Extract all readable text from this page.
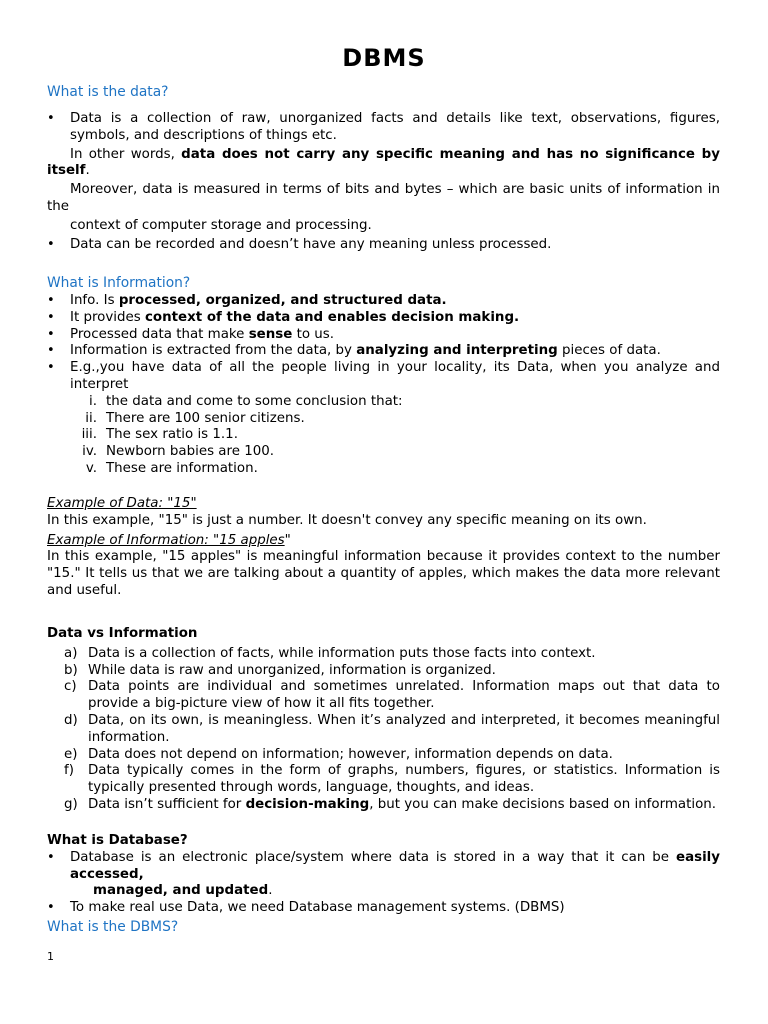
DBMS
What is the data?
• Data is a collection of raw, unorganized facts and details like text, observations, figures, symbols, and descriptions of things etc.
In other words, data does not carry any specific meaning and has no significance by itself.
Moreover, data is measured in terms of bits and bytes – which are basic units of information in the
context of computer storage and processing.
• Data can be recorded and doesn’t have any meaning unless processed.
What is Information?
• Info. Is processed, organized, and structured data.
• It provides context of the data and enables decision making.
• Processed data that make sense to us.
• Information is extracted from the data, by analyzing and interpreting pieces of data.
• E.g.,you have data of all the people living in your locality, its Data, when you analyze and interpret
i. the data and come to some conclusion that:
ii. There are 100 senior citizens.
iii. The sex ratio is 1.1.
iv. Newborn babies are 100.
v. These are information.
Example of Data: "15"
In this example, "15" is just a number. It doesn't convey any specific meaning on its own.
Example of Information: "15 apples"
In this example, "15 apples" is meaningful information because it provides context to the number "15." It tells us that we are talking about a quantity of apples, which makes the data more relevant and useful.
Data vs Information
a) Data is a collection of facts, while information puts those facts into context.
b) While data is raw and unorganized, information is organized.
c) Data points are individual and sometimes unrelated. Information maps out that data to provide a big-picture view of how it all fits together.
d) Data, on its own, is meaningless. When it’s analyzed and interpreted, it becomes meaningful information.
e) Data does not depend on information; however, information depends on data.
f) Data typically comes in the form of graphs, numbers, figures, or statistics. Information is typically presented through words, language, thoughts, and ideas.
g) Data isn’t sufficient for decision-making, but you can make decisions based on information.
What is Database?
• Database is an electronic place/system where data is stored in a way that it can be easily accessed,
managed, and updated.
• To make real use Data, we need Database management systems. (DBMS)
What is the DBMS?
1
